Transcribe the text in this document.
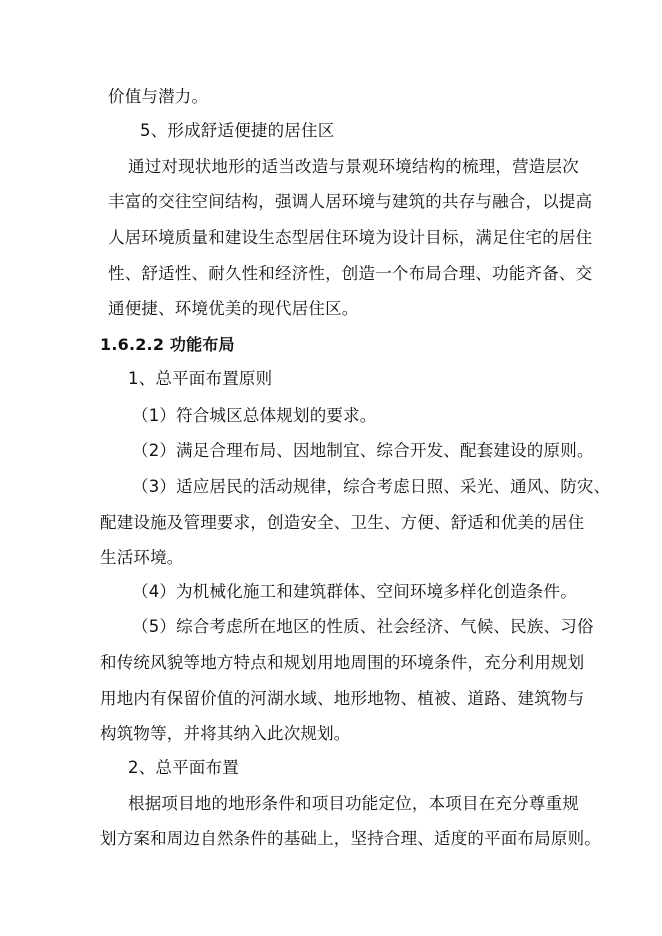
价值与潜力。
5、形成舒适便捷的居住区
通过对现状地形的适当改造与景观环境结构的梳理，营造层次
丰富的交往空间结构，强调人居环境与建筑的共存与融合，以提高
人居环境质量和建设生态型居住环境为设计目标，满足住宅的居住
性、舒适性、耐久性和经济性，创造一个布局合理、功能齐备、交
通便捷、环境优美的现代居住区。
1.6.2.2 功能布局
1、总平面布置原则
（1）符合城区总体规划的要求。
（2）满足合理布局、因地制宜、综合开发、配套建设的原则。
（3）适应居民的活动规律，综合考虑日照、采光、通风、防灾、
配建设施及管理要求，创造安全、卫生、方便、舒适和优美的居住
生活环境。
（4）为机械化施工和建筑群体、空间环境多样化创造条件。
（5）综合考虑所在地区的性质、社会经济、气候、民族、习俗
和传统风貌等地方特点和规划用地周围的环境条件，充分利用规划
用地内有保留价值的河湖水域、地形地物、植被、道路、建筑物与
构筑物等，并将其纳入此次规划。
2、总平面布置
根据项目地的地形条件和项目功能定位，本项目在充分尊重规
划方案和周边自然条件的基础上，坚持合理、适度的平面布局原则。
